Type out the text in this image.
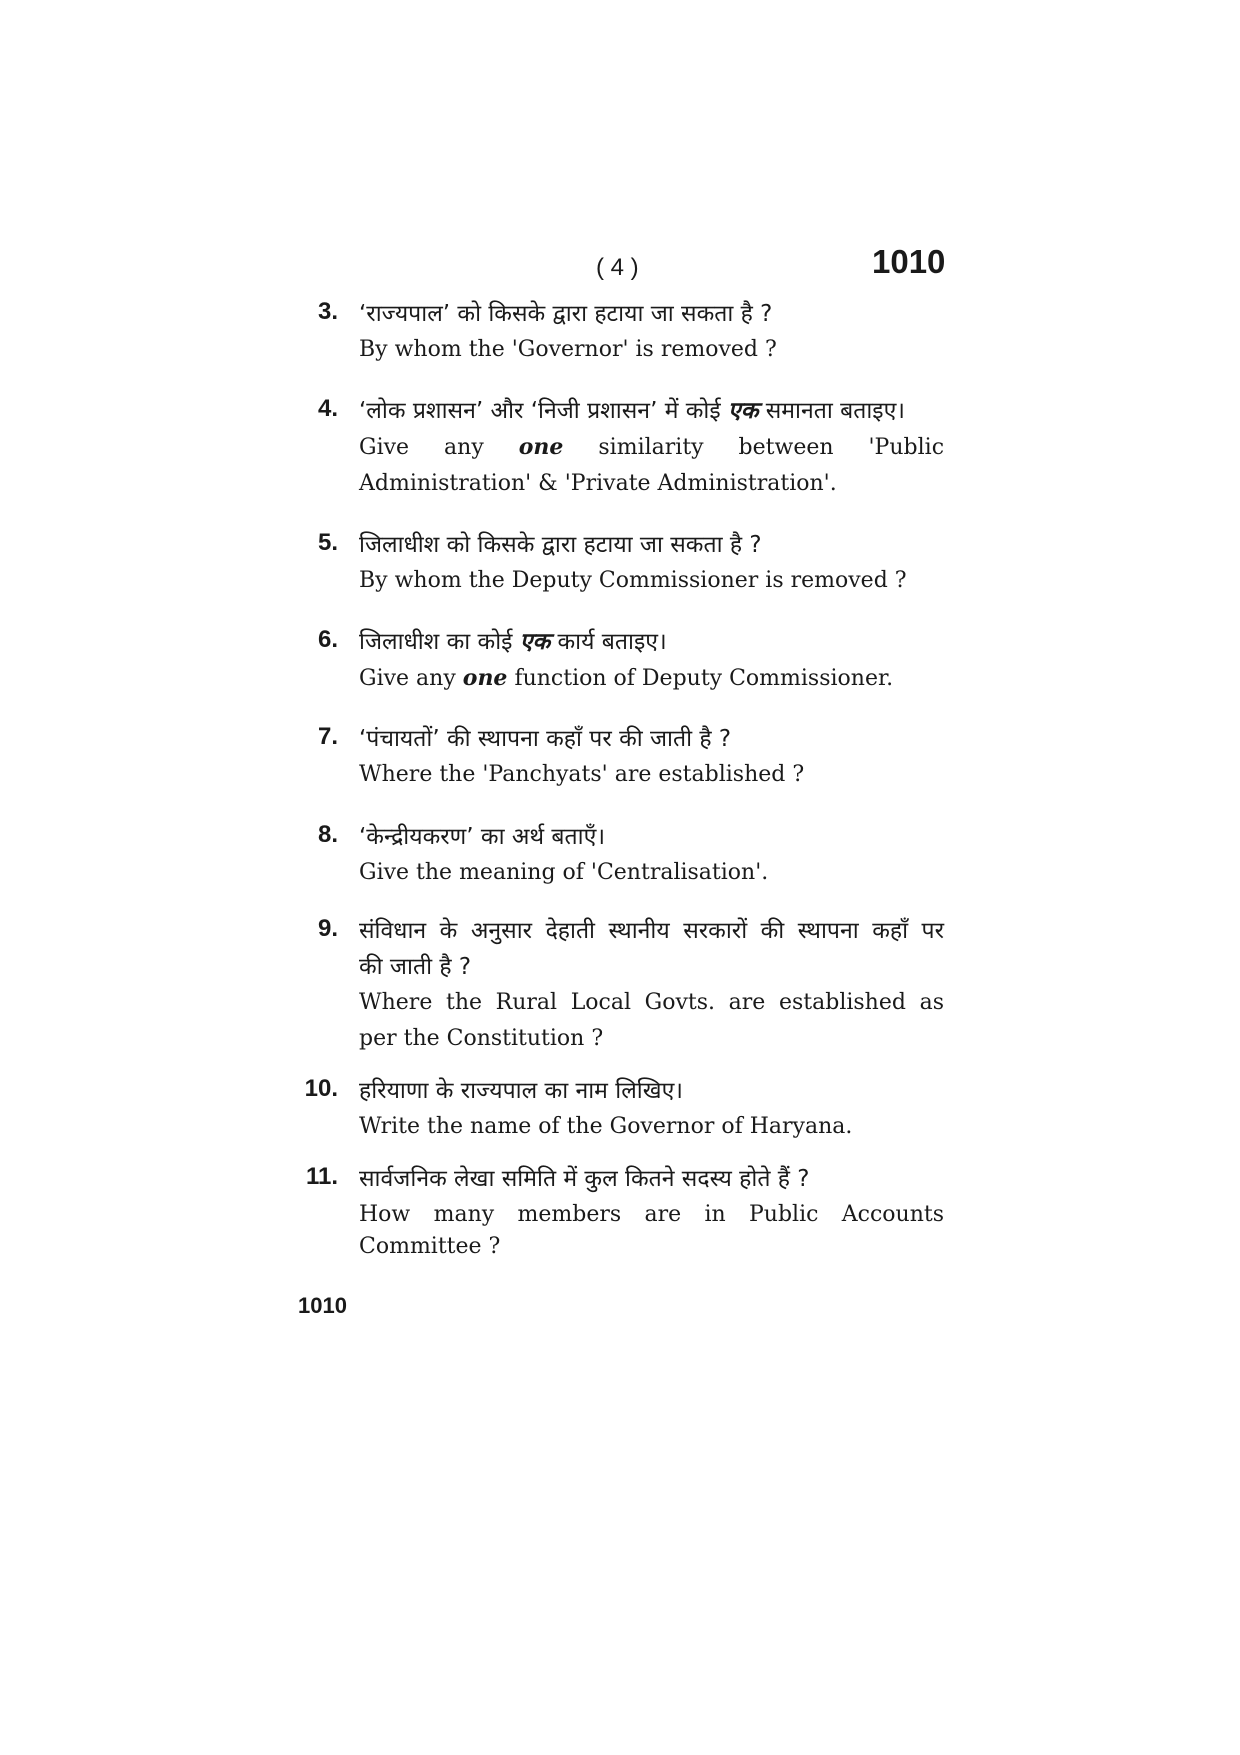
( 4 )	1010
3. ‘राज्यपाल’ को किसके द्वारा हटाया जा सकता है ?
By whom the 'Governor' is removed ?
4. ‘लोक प्रशासन’ और ‘निजी प्रशासन’ में कोई एक समानता बताइए।
Give any one similarity between 'Public
Administration' & 'Private Administration'.
5. जिलाधीश को किसके द्वारा हटाया जा सकता है ?
By whom the Deputy Commissioner is removed ?
6. जिलाधीश का कोई एक कार्य बताइए।
Give any one function of Deputy Commissioner.
7. ‘पंचायतों’ की स्थापना कहाँ पर की जाती है ?
Where the 'Panchyats' are established ?
8. ‘केन्द्रीयकरण’ का अर्थ बताएँ।
Give the meaning of 'Centralisation'.
9. संविधान के अनुसार देहाती स्थानीय सरकारों की स्थापना कहाँ पर
की जाती है ?
Where the Rural Local Govts. are established as
per the Constitution ?
10. हरियाणा के राज्यपाल का नाम लिखिए।
Write the name of the Governor of Haryana.
11. सार्वजनिक लेखा समिति में कुल कितने सदस्य होते हैं ?
How many members are in Public Accounts
Committee ?
1010
